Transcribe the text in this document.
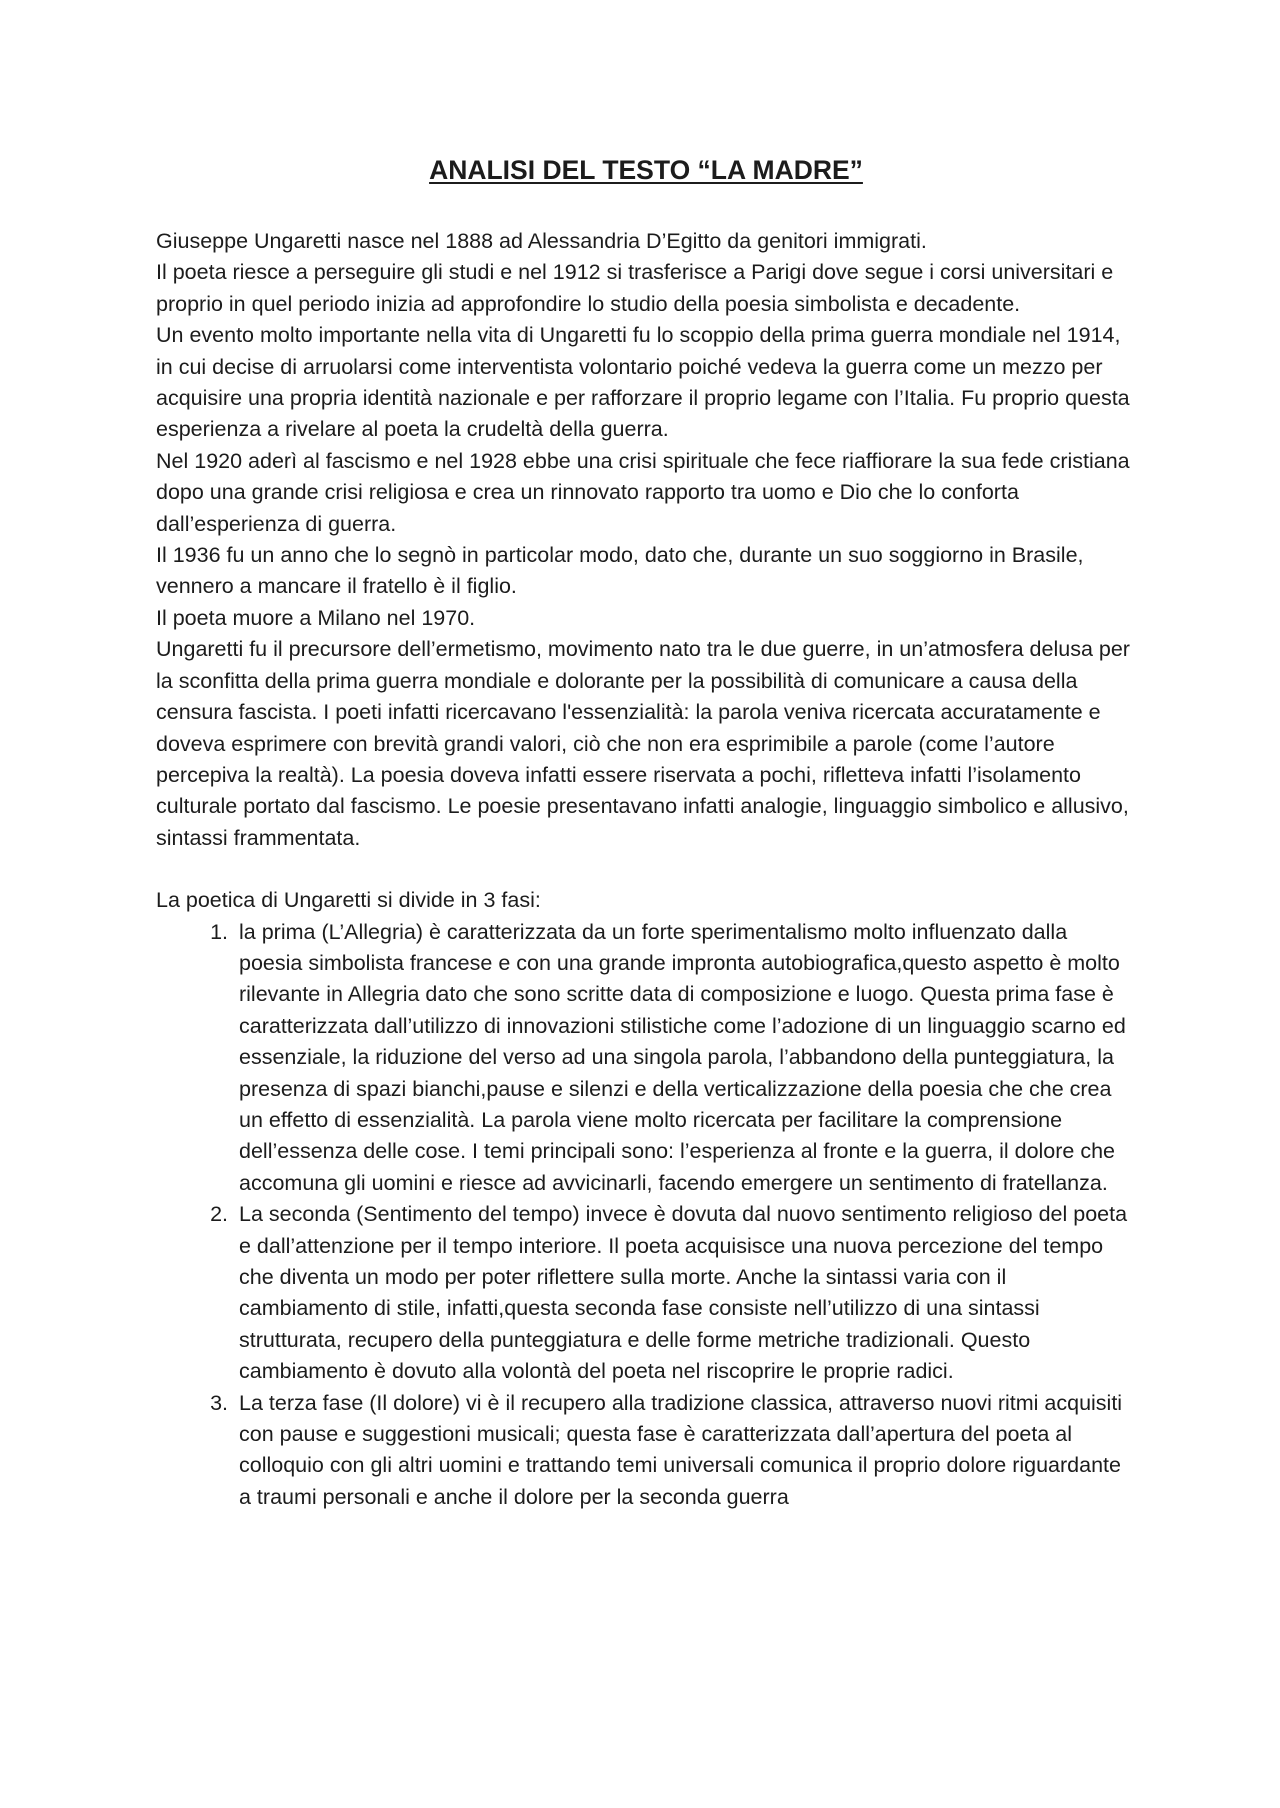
ANALISI DEL TESTO “LA MADRE”

Giuseppe Ungaretti nasce nel 1888 ad Alessandria D’Egitto da genitori immigrati.

Il poeta riesce a perseguire gli studi e nel 1912 si trasferisce a Parigi dove segue i corsi universitari e proprio in quel periodo inizia ad approfondire lo studio della poesia simbolista e decadente.

Un evento molto importante nella vita di Ungaretti fu lo scoppio della prima guerra mondiale nel 1914, in cui decise di arruolarsi come interventista volontario poiché vedeva la guerra come un mezzo per acquisire una propria identità nazionale e per rafforzare il proprio legame con l’Italia. Fu proprio questa esperienza a rivelare al poeta la crudeltà della guerra.

Nel 1920 aderì al fascismo e nel 1928 ebbe una crisi spirituale che fece riaffiorare la sua fede cristiana dopo una grande crisi religiosa e crea un rinnovato rapporto tra uomo e Dio che lo conforta dall’esperienza di guerra.

Il 1936 fu un anno che lo segnò in particolar modo, dato che, durante un suo soggiorno in Brasile, vennero a mancare il fratello è il figlio.

Il poeta muore a Milano nel 1970.

Ungaretti fu il precursore dell’ermetismo, movimento nato tra le due guerre, in un’atmosfera delusa per la sconfitta della prima guerra mondiale e dolorante per la possibilità di comunicare a causa della censura fascista. I poeti infatti ricercavano l'essenzialità: la parola veniva ricercata accuratamente e doveva esprimere con brevità grandi valori, ciò che non era esprimibile a parole (come l’autore percepiva la realtà). La poesia doveva infatti essere riservata a pochi, rifletteva infatti l’isolamento culturale portato dal fascismo. Le poesie presentavano infatti analogie, linguaggio simbolico e allusivo, sintassi frammentata.

La poetica di Ungaretti si divide in 3 fasi:

1. la prima (L’Allegria) è caratterizzata da un forte sperimentalismo molto influenzato dalla poesia simbolista francese e con una grande impronta autobiografica,questo aspetto è molto rilevante in Allegria dato che sono scritte data di composizione e luogo. Questa prima fase è caratterizzata dall’utilizzo di innovazioni stilistiche come l’adozione di un linguaggio scarno ed essenziale, la riduzione del verso ad una singola parola, l’abbandono della punteggiatura, la presenza di spazi bianchi,pause e silenzi e della verticalizzazione della poesia che che crea un effetto di essenzialità. La parola viene molto ricercata per facilitare la comprensione dell’essenza delle cose. I temi principali sono: l’esperienza al fronte e la guerra, il dolore che accomuna gli uomini e riesce ad avvicinarli, facendo emergere un sentimento di fratellanza.
2. La seconda (Sentimento del tempo) invece è dovuta dal nuovo sentimento religioso del poeta e dall’attenzione per il tempo interiore. Il poeta acquisisce una nuova percezione del tempo che diventa un modo per poter riflettere sulla morte. Anche la sintassi varia con il cambiamento di stile, infatti,questa seconda fase consiste nell’utilizzo di una sintassi strutturata, recupero della punteggiatura e delle forme metriche tradizionali. Questo cambiamento è dovuto alla volontà del poeta nel riscoprire le proprie radici.
3. La terza fase (Il dolore) vi è il recupero alla tradizione classica, attraverso nuovi ritmi acquisiti con pause e suggestioni musicali; questa fase è caratterizzata dall’apertura del poeta al colloquio con gli altri uomini e trattando temi universali comunica il proprio dolore riguardante a traumi personali e anche il dolore per la seconda guerra
